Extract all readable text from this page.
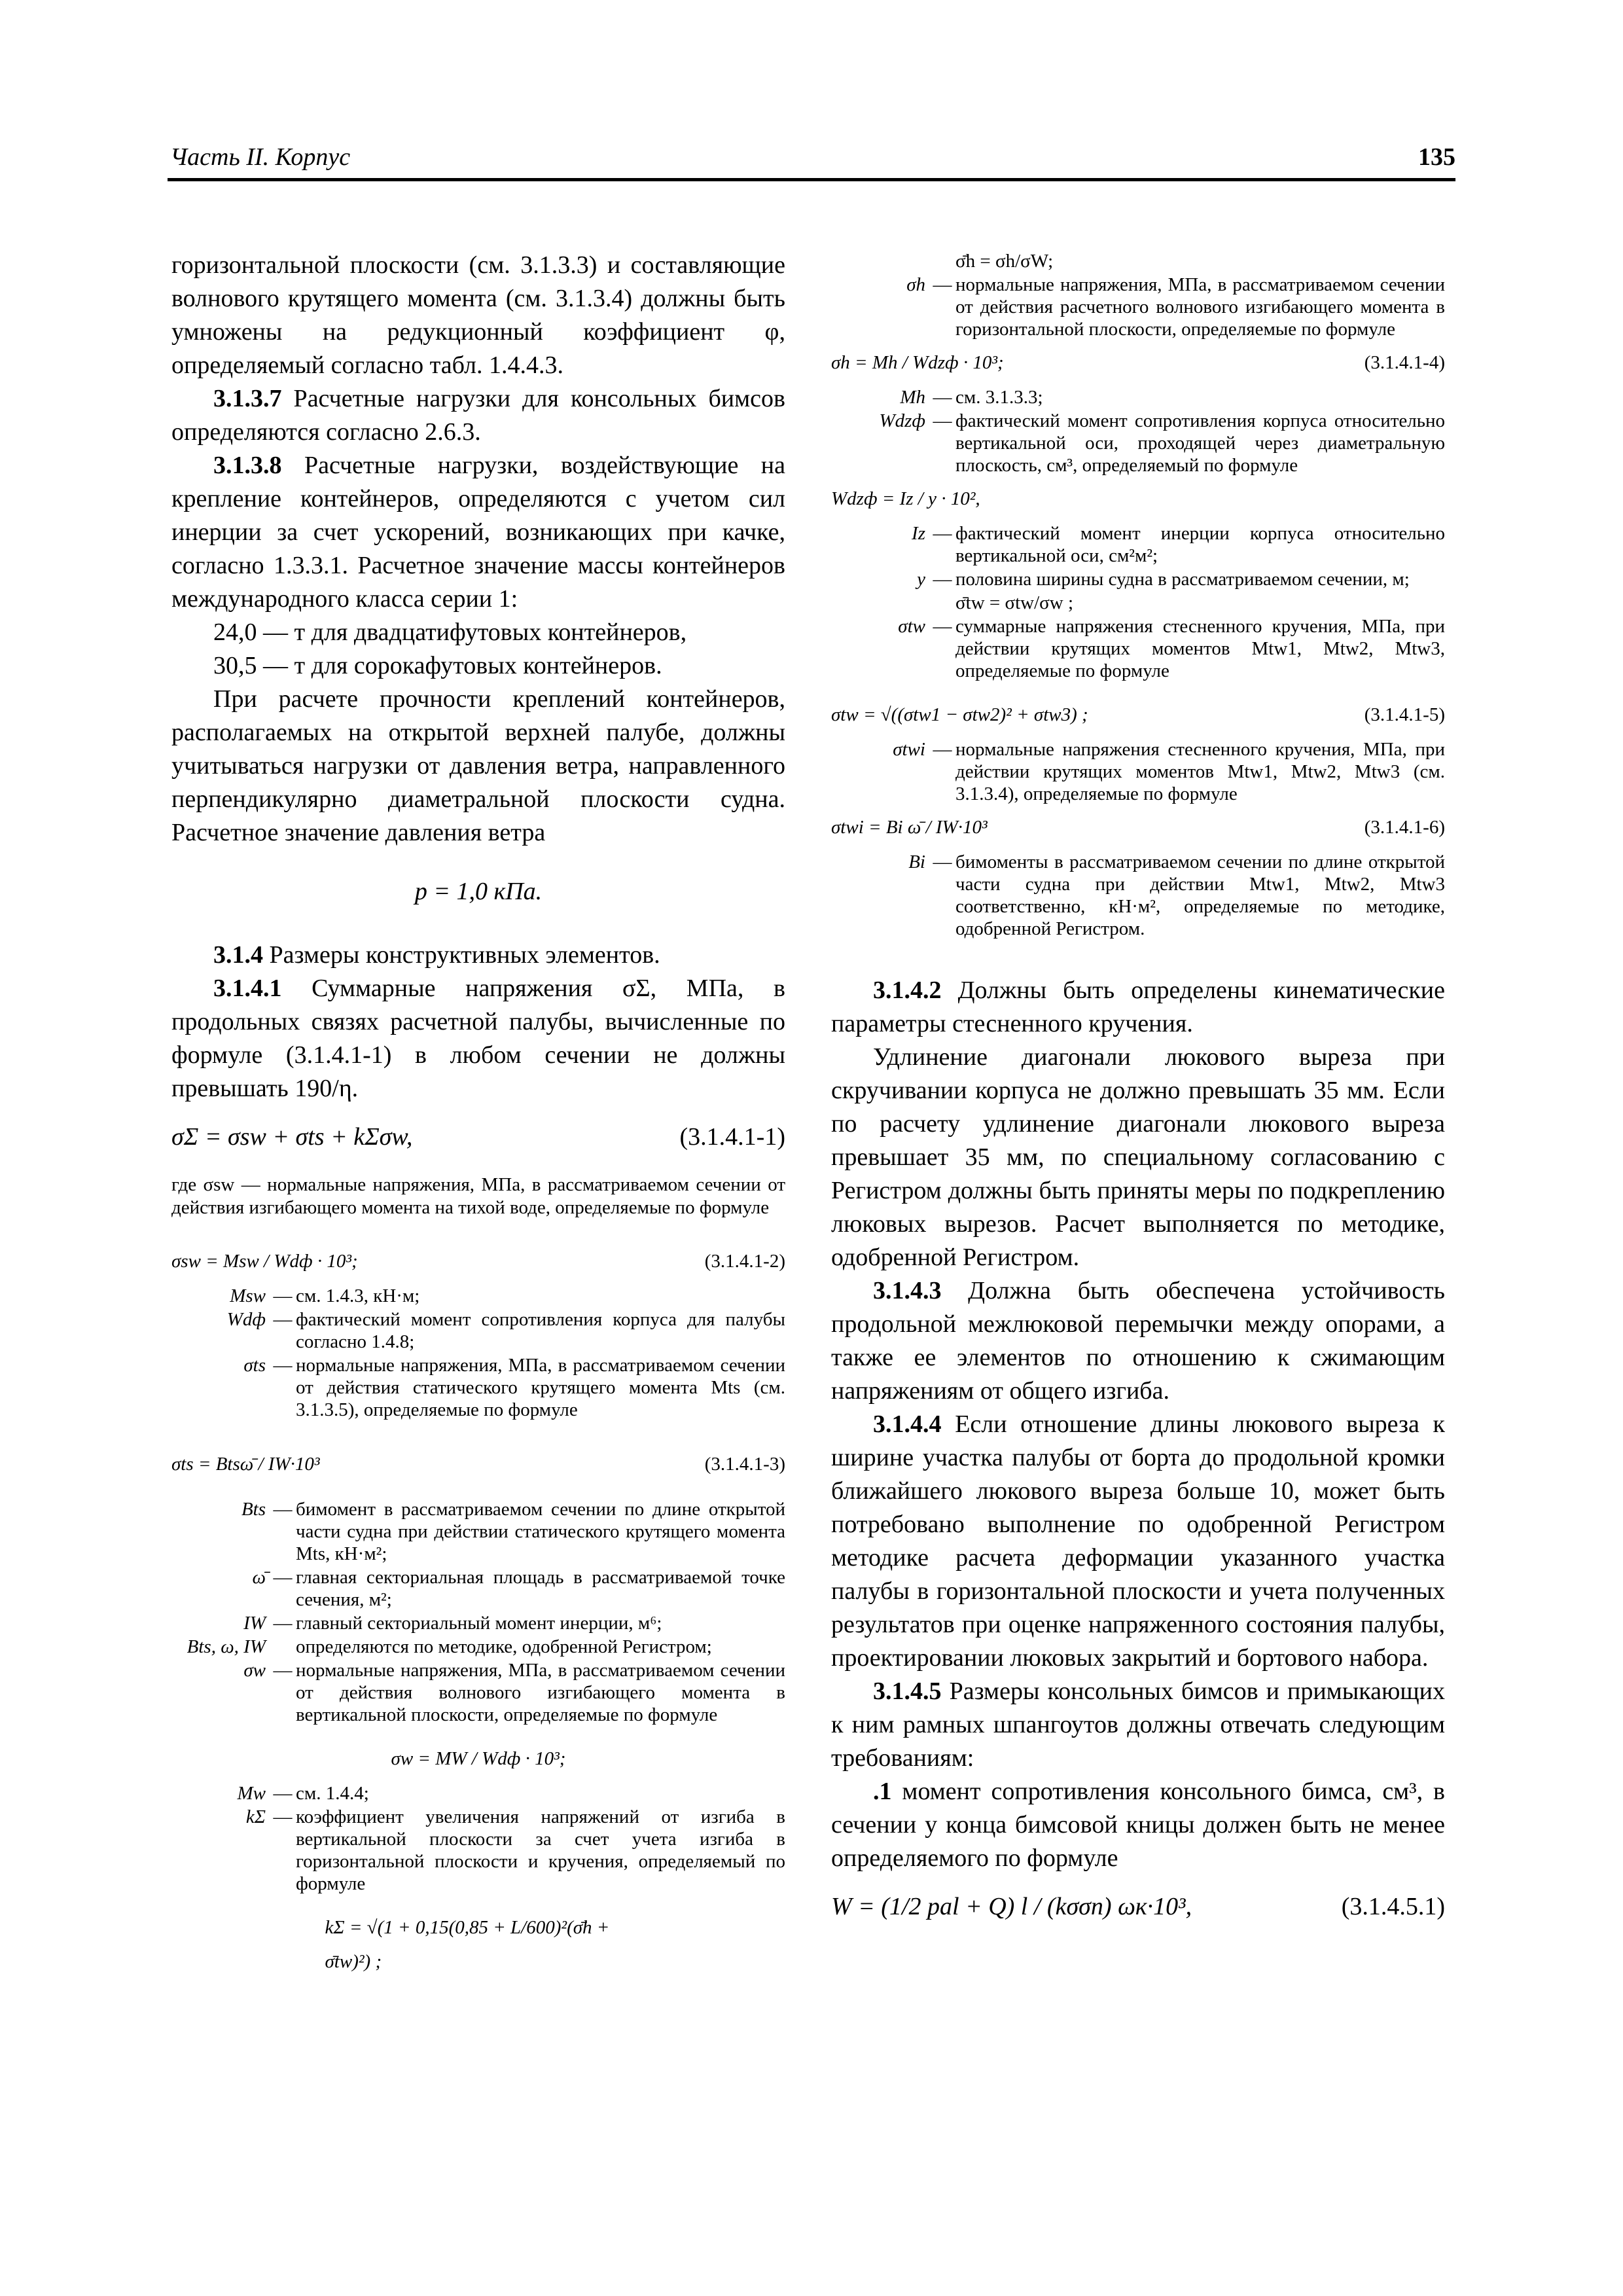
Часть II. Корпус	135

горизонтальной плоскости (см. 3.1.3.3) и составляющие волнового крутящего момента (см. 3.1.3.4) должны быть умножены на редукционный коэффициент φ, определяемый согласно табл. 1.4.4.3.

3.1.3.7 Расчетные нагрузки для консольных бимсов определяются согласно 2.6.3.

3.1.3.8 Расчетные нагрузки, воздействующие на крепление контейнеров, определяются с учетом сил инерции за счет ускорений, возникающих при качке, согласно 1.3.3.1. Расчетное значение массы контейнеров международного класса серии 1:

24,0 — т для двадцатифутовых контейнеров,

30,5 — т для сорокафутовых контейнеров.

При расчете прочности креплений контейнеров, располагаемых на открытой верхней палубе, должны учитываться нагрузки от давления ветра, направленного перпендикулярно диаметральной плоскости судна. Расчетное значение давления ветра

p = 1,0 кПа.

3.1.4 Размеры конструктивных элементов.

3.1.4.1 Суммарные напряжения σΣ, МПа, в продольных связях расчетной палубы, вычисленные по формуле (3.1.4.1-1) в любом сечении не должны превышать 190/η.

σΣ = σsw + σts + kΣσw,	(3.1.4.1-1)

где σsw — нормальные напряжения, МПа, в рассматриваемом сечении от действия изгибающего момента на тихой воде, определяемые по формуле

σsw = Msw / Wdф · 10³;	(3.1.4.1-2)
Msw — см. 1.4.3, кН·м;
Wdф — фактический момент сопротивления корпуса для палубы согласно 1.4.8;
σts — нормальные напряжения, МПа, в рассматриваемом сечении от действия статического крутящего момента Mts (см. 3.1.3.5), определяемые по формуле
σts = Btsω̄ / IW·10³	(3.1.4.1-3)
Bts — бимомент в рассматриваемом сечении по длине открытой части судна при действии статического крутящего момента Mts, кН·м²;
ω̄ — главная секториальная площадь в рассматриваемой точке сечения, м²;
IW — главный секториальный момент инерции, м⁶;
Bts, ω, IW определяются по методике, одобренной Регистром;
σw — нормальные напряжения, МПа, в рассматриваемом сечении от действия волнового изгибающего момента в вертикальной плоскости, определяемые по формуле
σw = MW / Wdф · 10³;
Mw — см. 1.4.4;
kΣ — коэффициент увеличения напряжений от изгиба в вертикальной плоскости за счет учета изгиба в горизонтальной плоскости и кручения, определяемый по формуле
kΣ = √(1 + 0,15(0,85 + L/600)²(σ̄h + σ̄tw)²) ;
σ̄h = σh/σW;
σh — нормальные напряжения, МПа, в рассматриваемом сечении от действия расчетного волнового изгибающего момента в горизонтальной плоскости, определяемые по формуле
σh = Mh / Wdzф · 10³;	(3.1.4.1-4)
Mh — см. 3.1.3.3;
Wdzф — фактический момент сопротивления корпуса относительно вертикальной оси, проходящей через диаметральную плоскость, см³, определяемый по формуле
Wdzф = Iz / y · 10²,
Iz — фактический момент инерции корпуса относительно вертикальной оси, см²м²;
y — половина ширины судна в рассматриваемом сечении, м;
σ̄tw = σtw/σw ;
σtw — суммарные напряжения стесненного кручения, МПа, при действии крутящих моментов Mtw1, Mtw2, Mtw3, определяемые по формуле
σtw = √((σtw1 − σtw2)² + σtw3) ;	(3.1.4.1-5)
σtwi — нормальные напряжения стесненного кручения, МПа, при действии крутящих моментов Mtw1, Mtw2, Mtw3 (см. 3.1.3.4), определяемые по формуле
σtwi = Bi ω̄ / IW·10³	(3.1.4.1-6)
Bi — бимоменты в рассматриваемом сечении по длине открытой части судна при действии Mtw1, Mtw2, Mtw3 соответственно, кН·м², определяемые по методике, одобренной Регистром.

3.1.4.2 Должны быть определены кинематические параметры стесненного кручения.

Удлинение диагонали люкового выреза при скручивании корпуса не должно превышать 35 мм. Если по расчету удлинение диагонали люкового выреза превышает 35 мм, по специальному согласованию с Регистром должны быть приняты меры по подкреплению люковых вырезов. Расчет выполняется по методике, одобренной Регистром.

3.1.4.3 Должна быть обеспечена устойчивость продольной межлюковой перемычки между опорами, а также ее элементов по отношению к сжимающим напряжениям от общего изгиба.

3.1.4.4 Если отношение длины люкового выреза к ширине участка палубы от борта до продольной кромки ближайшего люкового выреза больше 10, может быть потребовано выполнение по одобренной Регистром методике расчета деформации указанного участка палубы в горизонтальной плоскости и учета полученных результатов при оценке напряженного состояния палубы, проектировании люковых закрытий и бортового набора.

3.1.4.5 Размеры консольных бимсов и примыкающих к ним рамных шпангоутов должны отвечать следующим требованиям:

.1 момент сопротивления консольного бимса, см³, в сечении у конца бимсовой кницы должен быть не менее определяемого по формуле

W = (1/2 pal + Q) l / (kσσn) ωк·10³,	(3.1.4.5.1)
